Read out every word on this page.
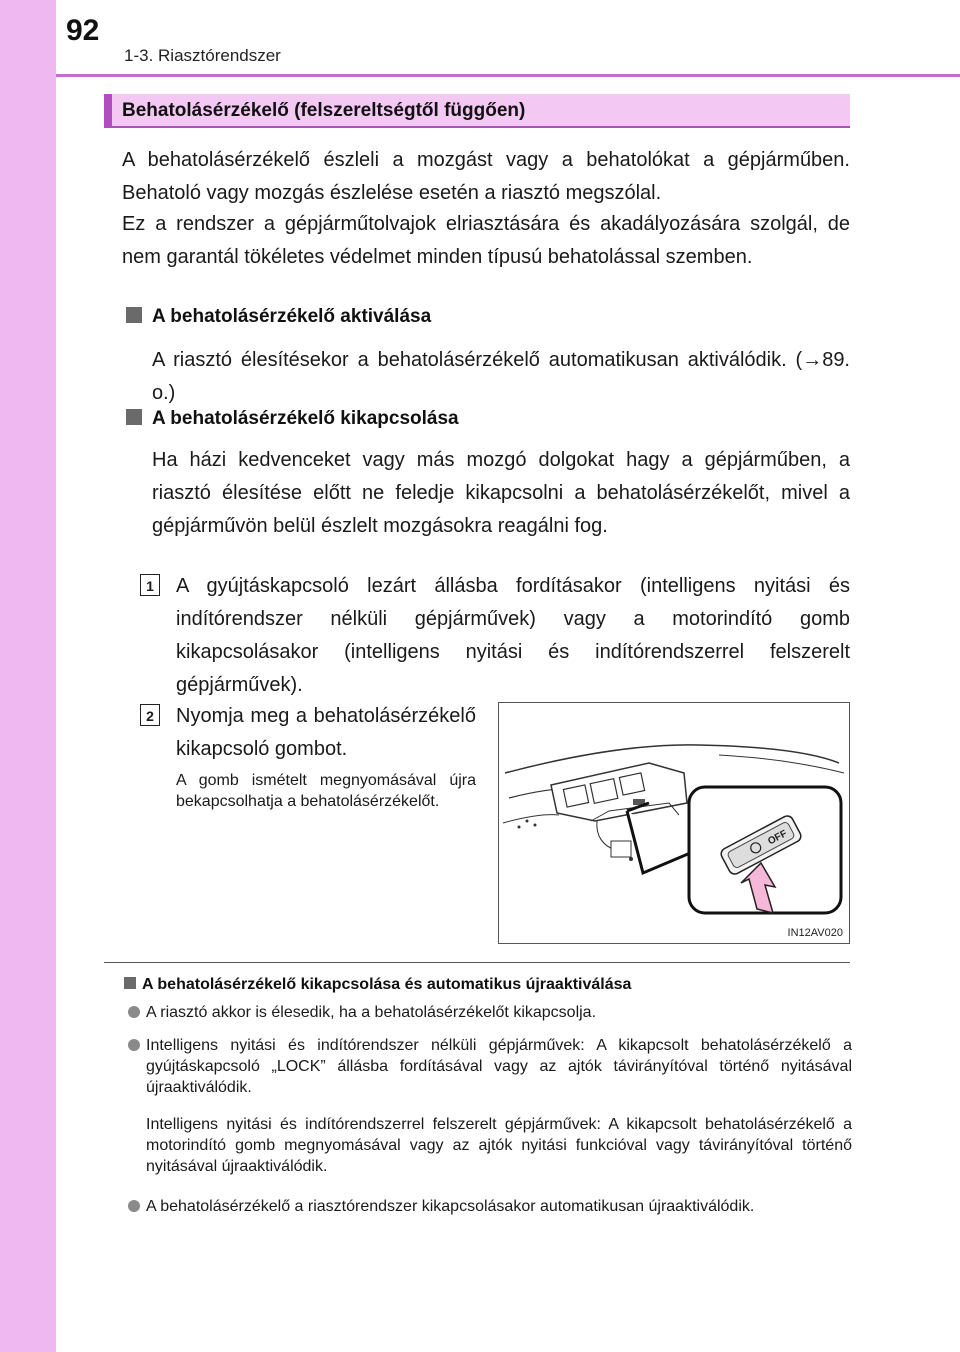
92
1-3. Riasztórendszer
Behatolásérzékelő (felszereltségtől függően)
A behatolásérzékelő észleli a mozgást vagy a behatolókat a gépjárműben. Behatoló vagy mozgás észlelése esetén a riasztó megszólal.
Ez a rendszer a gépjárműtolvajok elriasztására és akadályozására szolgál, de nem garantál tökéletes védelmet minden típusú behatolással szemben.
A behatolásérzékelő aktiválása
A riasztó élesítésekor a behatolásérzékelő automatikusan aktiválódik. (→89. o.)
A behatolásérzékelő kikapcsolása
Ha házi kedvenceket vagy más mozgó dolgokat hagy a gépjárműben, a riasztó élesítése előtt ne feledje kikapcsolni a behatolásérzékelőt, mivel a gépjárművön belül észlelt mozgásokra reagálni fog.
1	A gyújtáskapcsoló lezárt állásba fordításakor (intelligens nyitási és indítórendszer nélküli gépjárművek) vagy a motorindító gomb kikapcsolásakor (intelligens nyitási és indítórendszerrel felszerelt gépjárművek).
2	Nyomja meg a behatolásérzékelő kikapcsoló gombot.
A gomb ismételt megnyomásával újra bekapcsolhatja a behatolásérzékelőt.
OFF
IN12AV020
A behatolásérzékelő kikapcsolása és automatikus újraaktiválása
A riasztó akkor is élesedik, ha a behatolásérzékelőt kikapcsolja.
Intelligens nyitási és indítórendszer nélküli gépjárművek: A kikapcsolt behatolásérzékelő a gyújtáskapcsoló „LOCK” állásba fordításával vagy az ajtók távirányítóval történő nyitásával újraaktiválódik.
Intelligens nyitási és indítórendszerrel felszerelt gépjárművek: A kikapcsolt behatolásérzékelő a motorindító gomb megnyomásával vagy az ajtók nyitási funkcióval vagy távirányítóval történő nyitásával újraaktiválódik.
A behatolásérzékelő a riasztórendszer kikapcsolásakor automatikusan újraaktiválódik.
